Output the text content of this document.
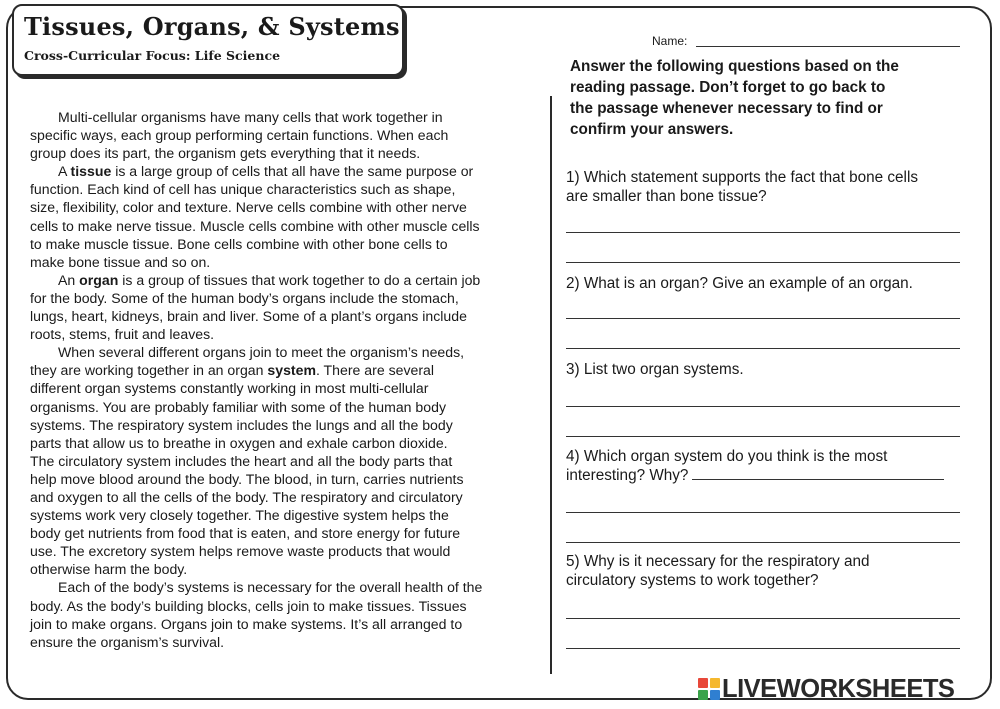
Tissues, Organs, & Systems
Cross-Curricular Focus: Life Science
Name:

Multi-cellular organisms have many cells that work together in

specific ways, each group performing certain functions. When each

group does its part, the organism gets everything that it needs.

A tissue is a large group of cells that all have the same purpose or

function. Each kind of cell has unique characteristics such as shape,

size, flexibility, color and texture. Nerve cells combine with other nerve

cells to make nerve tissue. Muscle cells combine with other muscle cells

to make muscle tissue. Bone cells combine with other bone cells to

make bone tissue and so on.

An organ is a group of tissues that work together to do a certain job

for the body. Some of the human body’s organs include the stomach,

lungs, heart, kidneys, brain and liver. Some of a plant’s organs include

roots, stems, fruit and leaves.

When several different organs join to meet the organism’s needs,

they are working together in an organ system. There are several

different organ systems constantly working in most multi-cellular

organisms. You are probably familiar with some of the human body

systems. The respiratory system includes the lungs and all the body

parts that allow us to breathe in oxygen and exhale carbon dioxide.

The circulatory system includes the heart and all the body parts that

help move blood around the body. The blood, in turn, carries nutrients

and oxygen to all the cells of the body. The respiratory and circulatory

systems work very closely together. The digestive system helps the

body get nutrients from food that is eaten, and store energy for future

use. The excretory system helps remove waste products that would

otherwise harm the body.

Each of the body’s systems is necessary for the overall health of the

body. As the body’s building blocks, cells join to make tissues. Tissues

join to make organs. Organs join to make systems. It’s all arranged to

ensure the organism’s survival.

Answer the following questions based on the
reading passage. Don’t forget to go back to
the passage whenever necessary to find or
confirm your answers.
1) Which statement supports the fact that bone cells
are smaller than bone tissue?
2) What is an organ? Give an example of an organ.
3) List two organ systems.
4) Which organ system do you think is the most
interesting? Why?
5) Why is it necessary for the respiratory and
circulatory systems to work together?
LIVEWORKSHEETS
